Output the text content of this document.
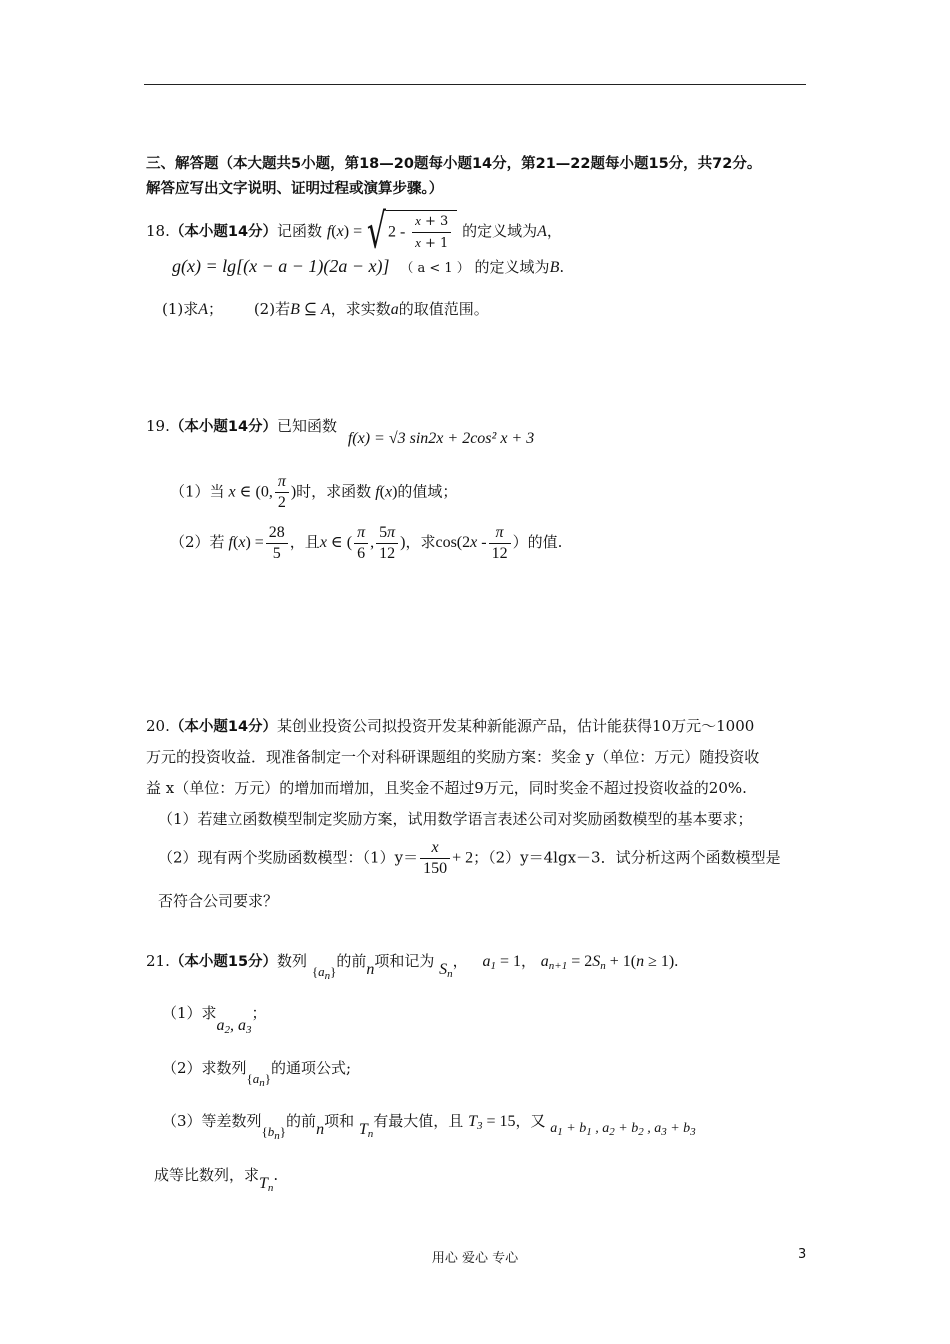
三、解答题（本大题共5小题，第18—20题每小题14分，第21—22题每小题15分，共72分。
解答应写出文字说明、证明过程或演算步骤。）
18.（本小题14分）记函数 f(x) = √ $2 - \frac{x + 3}{x + 1}$ 的定义域为A，
g(x) = lg[(x − a − 1)(2a − x)] （ a < 1 ） 的定义域为B.
(1)求A； (2)若B ⊆ A，求实数a的取值范围。
19.（本小题14分）已知函数 f(x) = √3 sin2x + 2cos² x + 3
（1）当 x ∈ (0, $\frac{\pi}{2}$ )时，求函数 f(x)的值域；
（2）若 $f(x) = \frac{28}{5}$ ，且x ∈ ( $\frac{\pi}{6}$ , $\frac{5\pi}{12}$ )，求$\cos(2x - \frac{\pi}{12}$ ）的值.
20.（本小题14分）某创业投资公司拟投资开发某种新能源产品，估计能获得10万元～1000
万元的投资收益．现准备制定一个对科研课题组的奖励方案：奖金 y（单位：万元）随投资收
益 x（单位：万元）的增加而增加，且奖金不超过9万元，同时奖金不超过投资收益的20%.
（1）若建立函数模型制定奖励方案，试用数学语言表述公司对奖励函数模型的基本要求；
（2）现有两个奖励函数模型：$(1)y= \frac{x}{150} + 2$；（2）y＝4lgx－3．试分析这两个函数模型是
否符合公司要求？
21.（本小题15分）数列 $\{a_n\}$的前n项和记为 $S_n$， $a_1 = 1$， $a_{n+1} = 2S_n + 1(n \ge 1)$.
（1）求$a_2$, $a_3$；
（2）求数列$\{a_n\}$的通项公式;
（3）等差数列$\{b_n\}$的前n项和 $T_n$有最大值，且 $T_3 = 15$，又 $a_1 + b_1$ , $a_2 + b_2$ , $a_3 + b_3$
成等比数列，求$T_n$.
用心 爱心 专心	3
